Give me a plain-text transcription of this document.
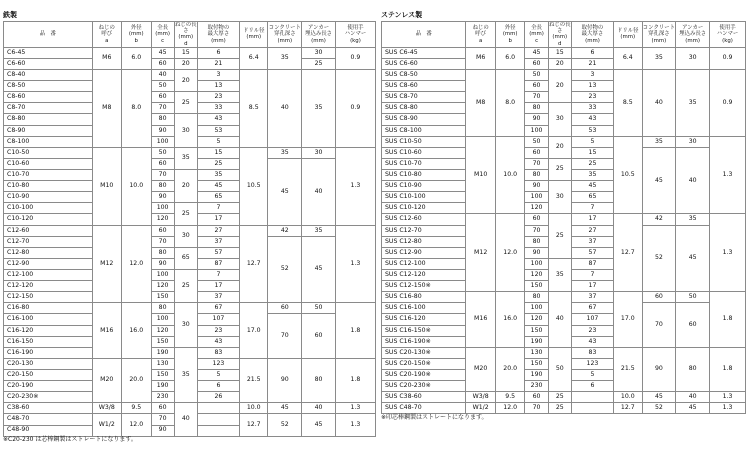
鉄製	ステンレス製
品　番	ねじの
呼び
a	外径
(mm)
b	全長
(mm)
c	ねじの長さ
(mm)
d	取付物の
最大厚さ
(mm)	ドリル径
(mm)	コンクリート
穿孔深さ
(mm)	アンカー
埋込み長さ
(mm)	使用手
ハンマー
(kg)
C6-45	M6	6.0	45	15	6	6.4	35	30	0.9
C6-60			60	20	21			25	
C8-40	M8	8.0	40	20	3	8.5	40	35	0.9
C8-50			50		13				
C8-60			60	25	23				
C8-70			70		33				
C8-80			80	30	43				
C8-90			90		53				
C8-100			100		5				
C10-50	M10	10.0	50	35	15	10.5	35	30	1.3
C10-60			60		25		45	40	
C10-70			70	20	35				
C10-80			80		45				
C10-90			90		65				
C10-100			100	25	7				
C10-120			120		17				
C12-60	M12	12.0	60	30	27	12.7	42	35	1.3
C12-70			70		37		52	45	
C12-80			80	65	57				
C12-90			90		87				
C12-100			100	25	7				
C12-120			120		17				
C12-150			150		37				
C16-80	M16	16.0	80	30	67	17.0	60	50	1.8
C16-100			100		107		70	60	
C16-120			120		23				
C16-150			150		43				
C16-190			190	35	83				
C20-130	M20	20.0	130		123	21.5	90	80	1.8
C20-150			150		5				
C20-190			190		6				
C20-230※			230		26				
C38-60	W3/8	9.5	60	40		10.0	45	40	1.3
C48-70	W1/2	12.0	70			12.7	52	45	1.3
C48-90			90						
品　番	ねじの
呼び
a	外径
(mm)
b	全長
(mm)
c	ねじの長さ
(mm)
d	取付物の
最大厚さ
(mm)	ドリル径
(mm)	コンクリート
穿孔深さ
(mm)	アンカー
埋込み長さ
(mm)	使用手
ハンマー
(kg)
SUS C6-45	M6	6.0	45	15	6	6.4	35	30	0.9
SUS C6-60			60	20	21				
SUS C8-50	M8	8.0	50	20	3	8.5	40	35	0.9
SUS C8-60			60		13				
SUS C8-70			70		23				
SUS C8-80			80	30	33				
SUS C8-90			90		43				
SUS C8-100			100		53				
SUS C10-50	M10	10.0	50	20	5	10.5	35	30	1.3
SUS C10-60			60		15		45	40	
SUS C10-70			70	25	25				
SUS C10-80			80		35				
SUS C10-90			90	30	45				
SUS C10-100			100		65				
SUS C10-120			120		7				
SUS C12-60	M12	12.0	60	25	17	12.7	42	35	1.3
SUS C12-70			70		27		52	45	
SUS C12-80			80		37				
SUS C12-90			90		57				
SUS C12-100			100	35	87				
SUS C12-120			120		7				
SUS C12-150※			150		17				
SUS C16-80	M16	16.0	80	40	37	17.0	60	50	1.8
SUS C16-100			100		67		70	60	
SUS C16-120			120		107				
SUS C16-150※			150		23				
SUS C16-190※			190		43				
SUS C20-130※	M20	20.0	130	50	83	21.5	90	80	1.8
SUS C20-150※			150		123				
SUS C20-190※			190		5				
SUS C20-230※			230		6				
SUS C38-60	W3/8	9.5	60	25		10.0	45	40	1.3
SUS C48-70	W1/2	12.0	70	25		12.7	52	45	1.3
※C20-230 は芯棒鋼製はストレートになります。
※印芯棒鋼製はストレートになります。
